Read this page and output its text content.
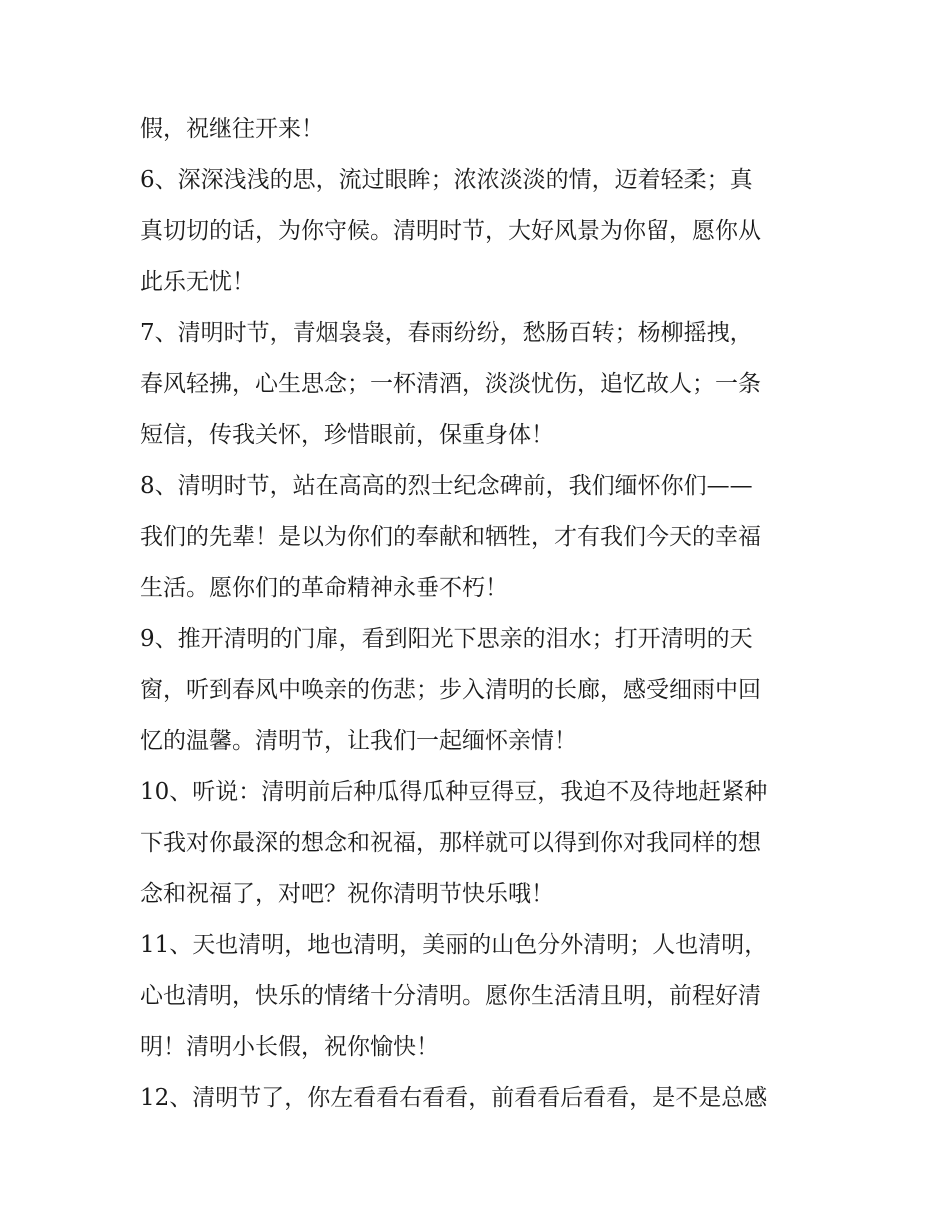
假，祝继往开来！
6、深深浅浅的思，流过眼眸；浓浓淡淡的情，迈着轻柔；真
真切切的话，为你守候。清明时节，大好风景为你留，愿你从
此乐无忧！
7、清明时节，青烟袅袅，春雨纷纷，愁肠百转；杨柳摇拽，
春风轻拂，心生思念；一杯清酒，淡淡忧伤，追忆故人；一条
短信，传我关怀，珍惜眼前，保重身体！
8、清明时节，站在高高的烈士纪念碑前，我们缅怀你们——
我们的先辈！是以为你们的奉献和牺牲，才有我们今天的幸福
生活。愿你们的革命精神永垂不朽！
9、推开清明的门扉，看到阳光下思亲的泪水；打开清明的天
窗，听到春风中唤亲的伤悲；步入清明的长廊，感受细雨中回
忆的温馨。清明节，让我们一起缅怀亲情！
10、听说：清明前后种瓜得瓜种豆得豆，我迫不及待地赶紧种
下我对你最深的想念和祝福，那样就可以得到你对我同样的想
念和祝福了，对吧？祝你清明节快乐哦！
11、天也清明，地也清明，美丽的山色分外清明；人也清明，
心也清明，快乐的情绪十分清明。愿你生活清且明，前程好清
明！清明小长假，祝你愉快！
12、清明节了，你左看看右看看，前看看后看看，是不是总感
